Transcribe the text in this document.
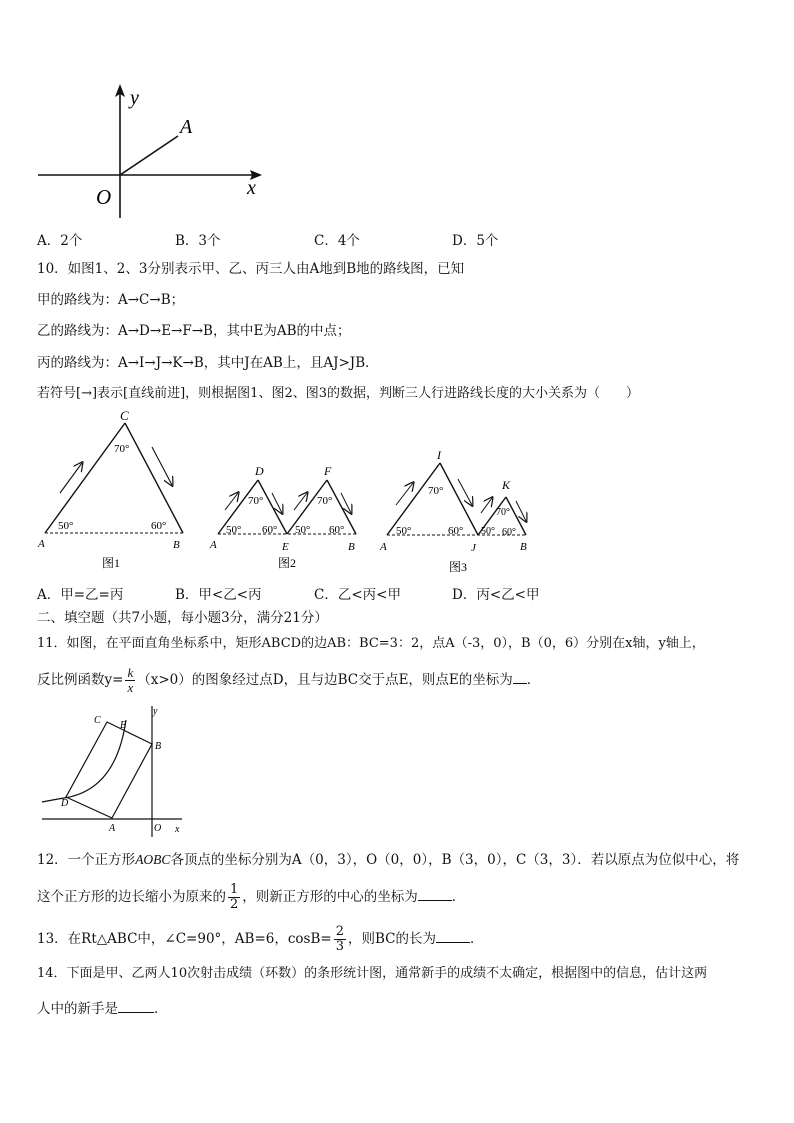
y
x
O
A
A．2个	B．3个	C．4个	D．5个
10．如图1、2、3分别表示甲、乙、丙三人由A地到B地的路线图，已知
甲的路线为：A→C→B；
乙的路线为：A→D→E→F→B，其中E为AB的中点；
丙的路线为：A→I→J→K→B，其中J在AB上，且AJ>JB．
若符号[→]表示[直线前进]，则根据图1、图2、图3的数据，判断三人行进路线长度的大小关系为（　　）
C
A	B
70°
50°	60°
图1
D	F
A	E	B
70°	70°
50° 60° 50° 60°
图2
I
K
A	J	B
70°
70°
50°	60° 50° 60°
图3
A．甲=乙=丙	B．甲<乙<丙	C．乙<丙<甲	D．丙<乙<甲
二、填空题（共7小题，每小题3分，满分21分）
11．如图，在平面直角坐标系中，矩形ABCD的边AB：BC=3：2，点A（-3，0），B（0，6）分别在x轴，y轴上，
反比例函数$y= \frac{k}{x} (x>0)$的图象经过点D，且与边BC交于点E，则点E的坐标为 ．
y
C E
B
D
A	O x
12．一个正方形AOBC各顶点的坐标分别为A（0，3），O（0，0），B（3，0），C（3，3）．若以原点为位似中心，将
这个正方形的边长缩小为原来的 $\frac{1}{2}$ ，则新正方形的中心的坐标为	．
13．在Rt△ABC中，∠C=90°，AB=6，$\cos B= \frac{2}{3}$ ，则BC的长为	．
14．下面是甲、乙两人10次射击成绩（环数）的条形统计图，通常新手的成绩不太确定，根据图中的信息，估计这两
人中的新手是	．
